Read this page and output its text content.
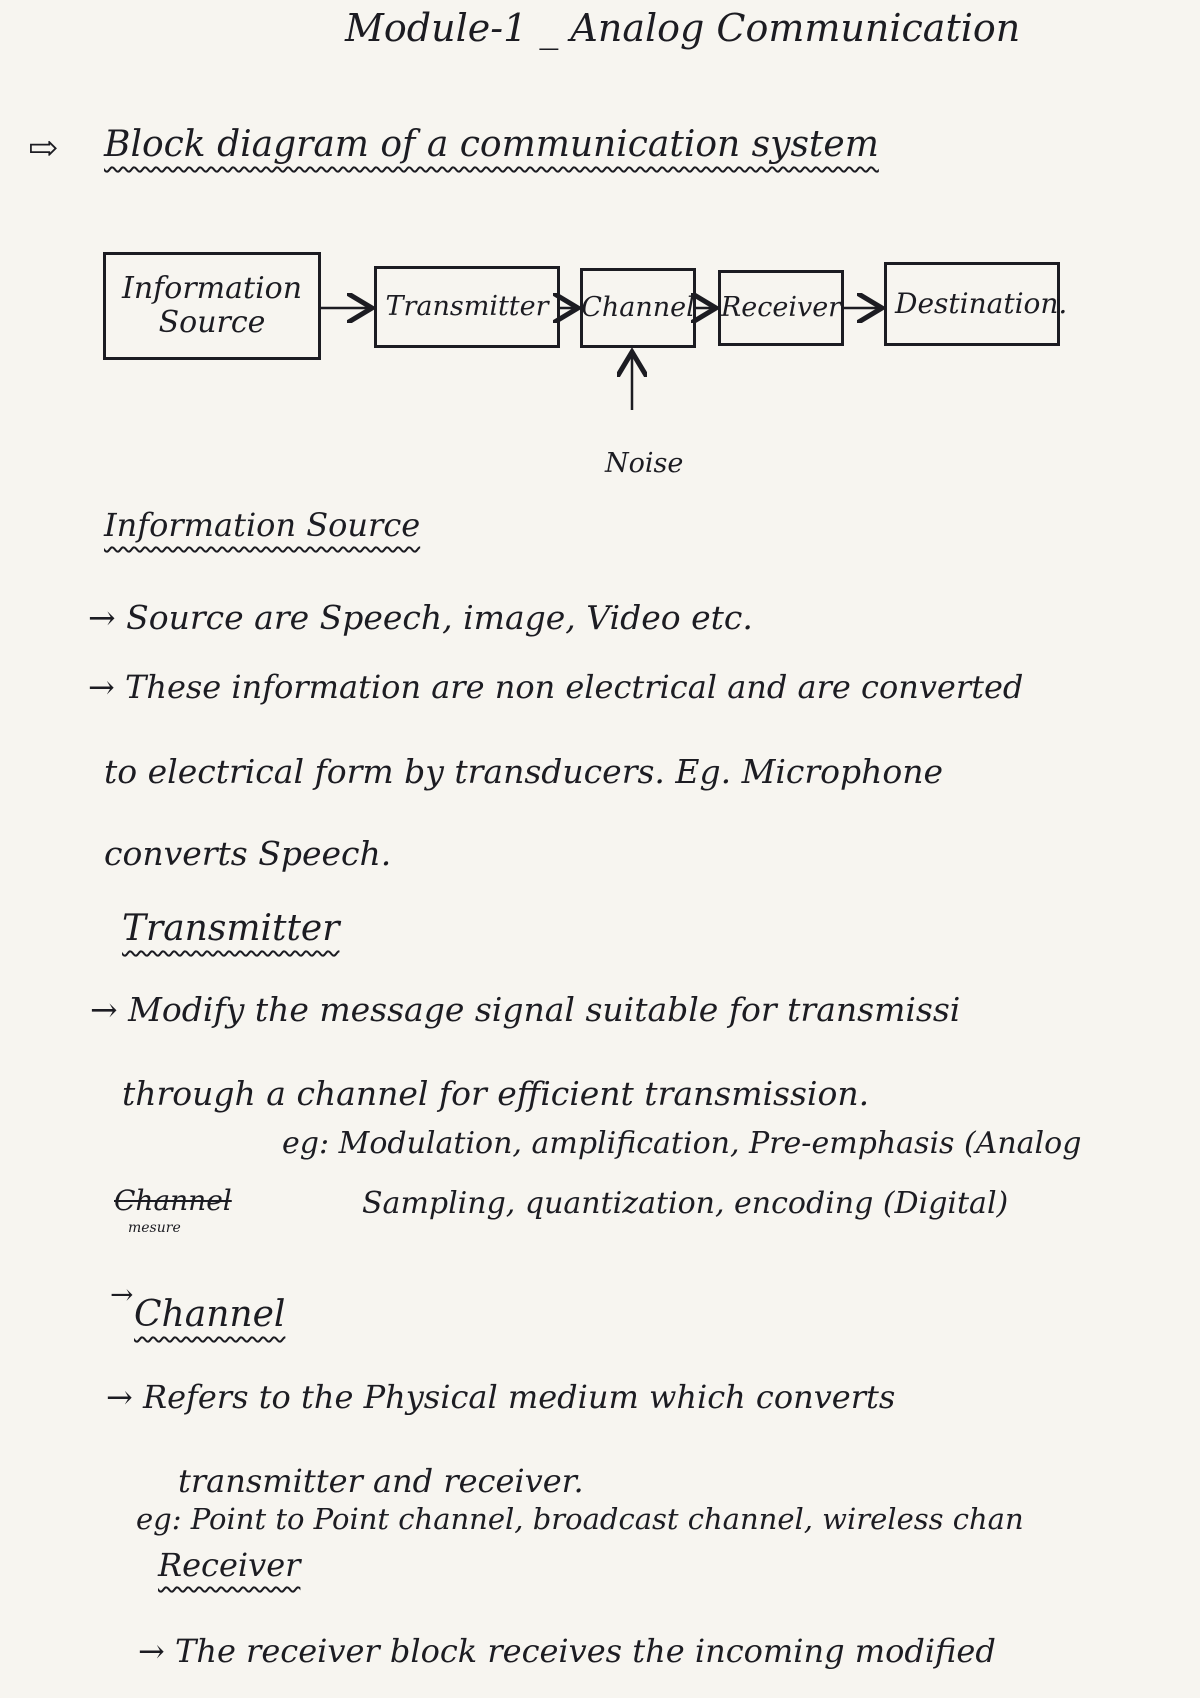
Module-1 _ Analog Communication
⇨ Block diagram of a communication system
Information Source	Transmitter Channel Receiver Destination.
Noise
Information Source
→ Source are Speech, image, Video etc.
→ These information are non electrical and are converted
to electrical form by transducers. Eg. Microphone
converts Speech.
Transmitter
→ Modify the message signal suitable for transmissi
through a channel for efficient transmission.
eg: Modulation, amplification, Pre-emphasis (Analog
Sampling, quantization, encoding (Digital)
Channel
mesure
→ Channel
→ Refers to the Physical medium which converts
transmitter and receiver.
eg: Point to Point channel, broadcast channel, wireless chan
Receiver
→ The receiver block receives the incoming modified
